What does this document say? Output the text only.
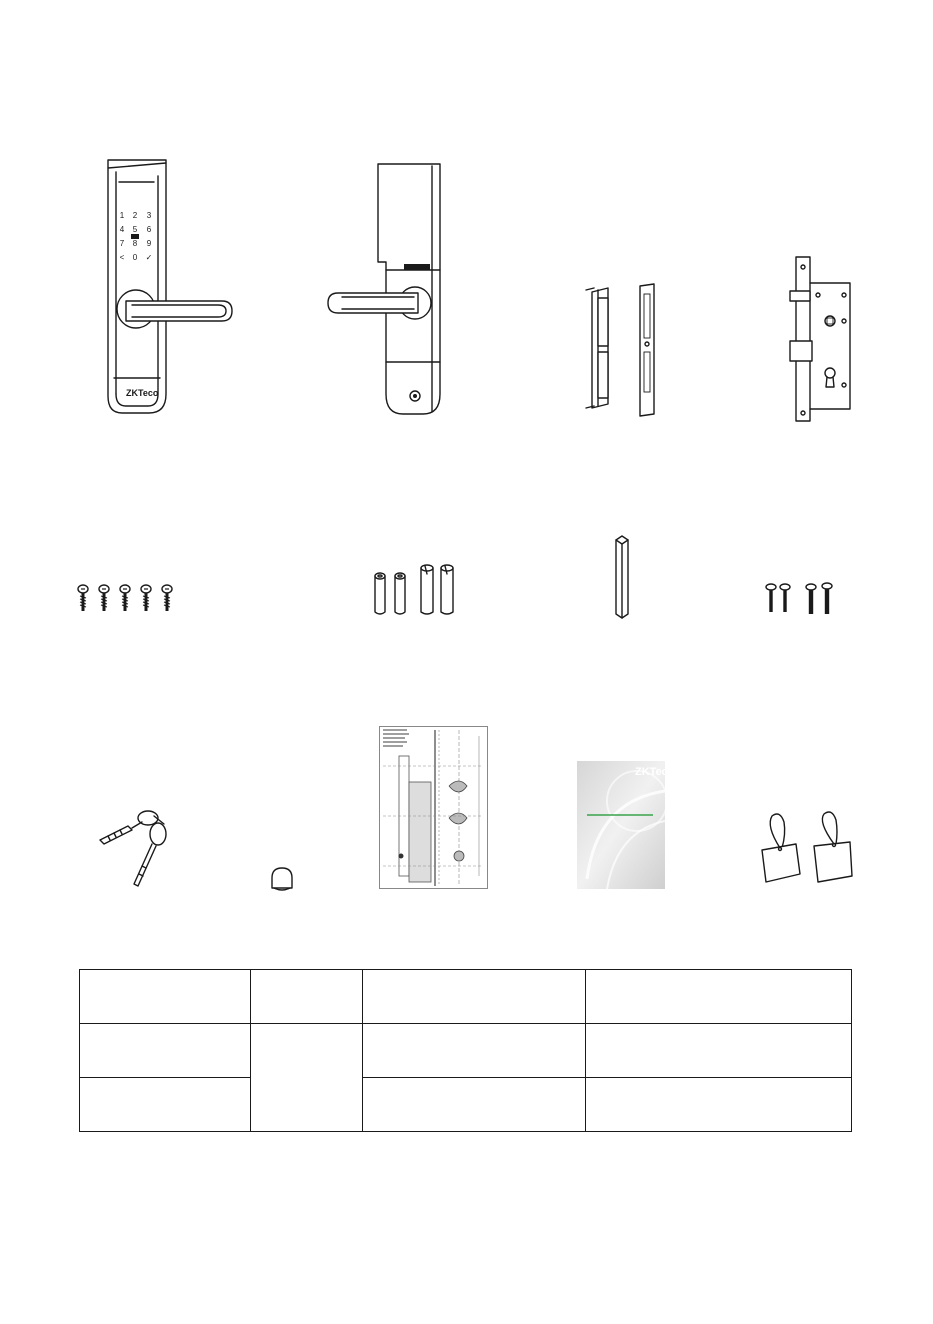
1 2 3
4 5 6
7 8 9
< 0 ✓
ZKTeco
ZKTeco
